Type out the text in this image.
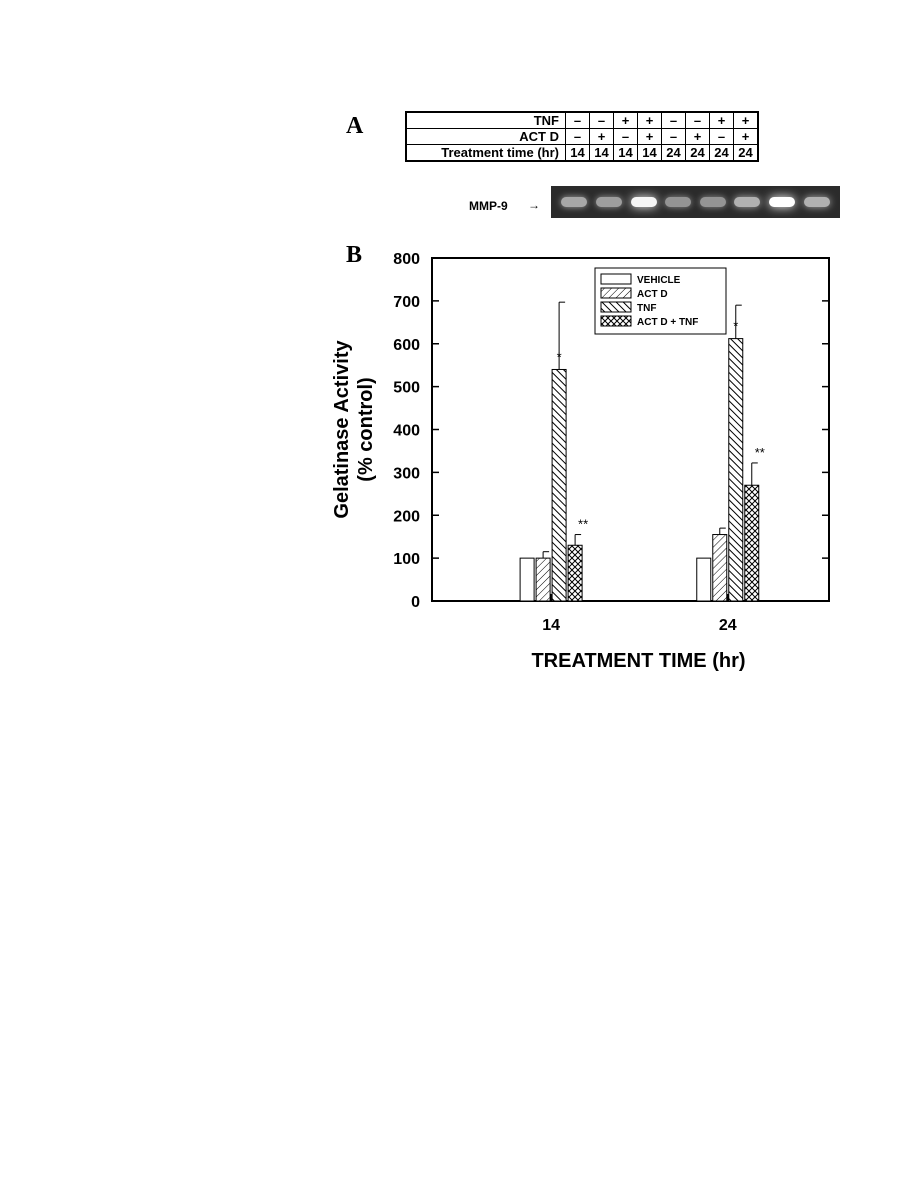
A
B
TNF	–	–	+	+	–	–	+	+
ACT D	–	+	–	+	–	+	–	+
Treatment time (hr)	14	14	14	14	24	24	24	24
MMP-9 →
0
100
200
300
400
500
600
700
800
Gelatinase Activity (% control)
TREATMENT TIME (hr)
14
*
**
24
*
**
VEHICLE
ACT D
TNF
ACT D + TNF
